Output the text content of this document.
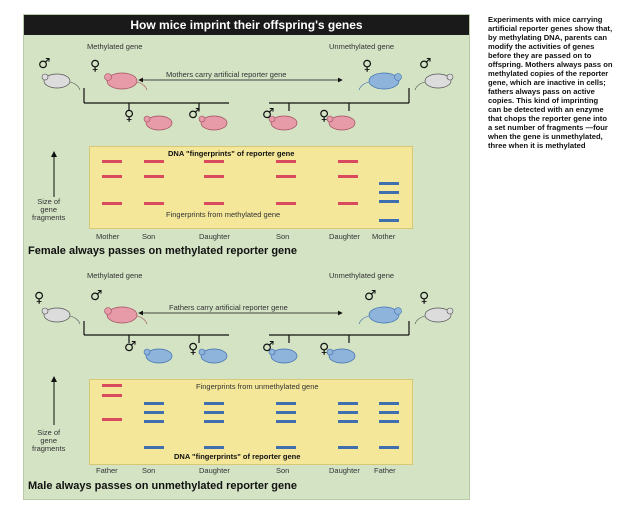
How mice imprint their offspring's genes
♂	♀	♀	♂
♀	♂	♂	♀
♀	♂	♂	♀
♂	♀	♂	♀
Methylated gene	Unmethylated gene
Mothers carry artificial reporter gene
DNA "fingerprints" of reporter gene
Fingerprints from methylated gene
Size of
gene
fragments
Mother	Son	Daughter	Son	Daughter Mother
Female always passes on methylated reporter gene
Methylated gene	Unmethylated gene
Fathers carry artificial reporter gene
Fingerprints from unmethylated gene
DNA "fingerprints" of reporter gene
Size of
gene
fragments
Father	Son	Daughter	Son	Daughter Father
Male always passes on unmethylated reporter gene
Experiments with mice carrying artificial reporter genes show that, by methylating DNA, parents can modify the activities of genes before they are passed on to offspring. Mothers always pass on methylated copies of the reporter gene, which are inactive in cells; fathers always pass on active copies. This kind of imprinting can be detected with an enzyme that chops the reporter gene into a set number of fragments —four when the gene is unmethylated, three when it is methylated
